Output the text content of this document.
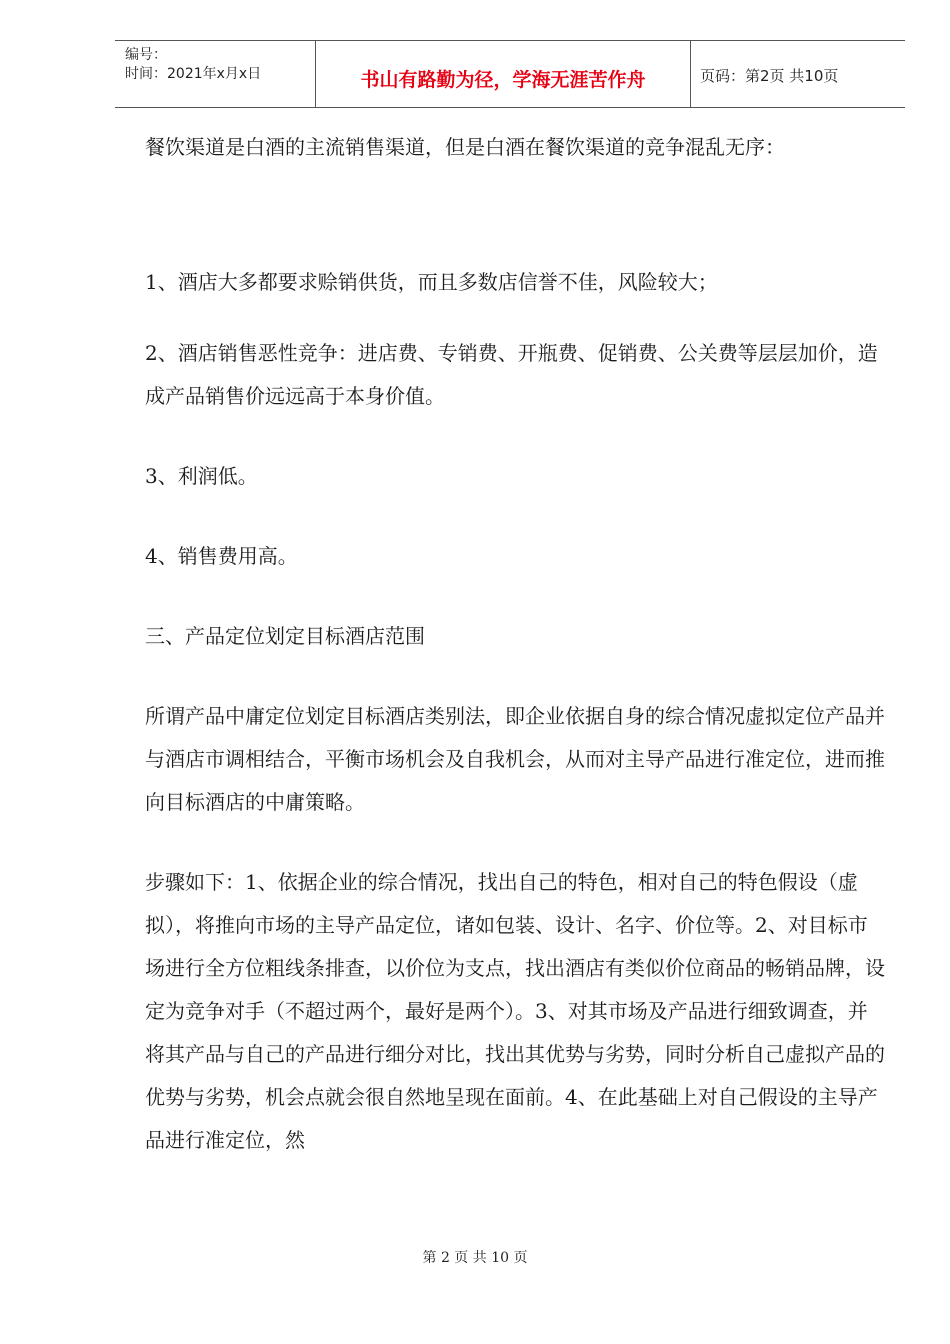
编号：
时间：2021年x月x日	书山有路勤为径，学海无涯苦作舟	页码：第2页 共10页

餐饮渠道是白酒的主流销售渠道，但是白酒在餐饮渠道的竞争混乱无序：

1、酒店大多都要求赊销供货，而且多数店信誉不佳，风险较大；

2、酒店销售恶性竞争：进店费、专销费、开瓶费、促销费、公关费等层层加价，造成产品销售价远远高于本身价值。

3、利润低。

4、销售费用高。

三、产品定位划定目标酒店范围

所谓产品中庸定位划定目标酒店类别法，即企业依据自身的综合情况虚拟定位产品并与酒店市调相结合，平衡市场机会及自我机会，从而对主导产品进行准定位，进而推向目标酒店的中庸策略。

步骤如下：1、依据企业的综合情况，找出自己的特色，相对自己的特色假设（虚拟），将推向市场的主导产品定位，诸如包装、设计、名字、价位等。2、对目标市场进行全方位粗线条排查，以价位为支点，找出酒店有类似价位商品的畅销品牌，设定为竞争对手（不超过两个，最好是两个）。3、对其市场及产品进行细致调查，并将其产品与自己的产品进行细分对比，找出其优势与劣势，同时分析自己虚拟产品的优势与劣势，机会点就会很自然地呈现在面前。4、在此基础上对自己假设的主导产品进行准定位，然

第 2 页 共 10 页
